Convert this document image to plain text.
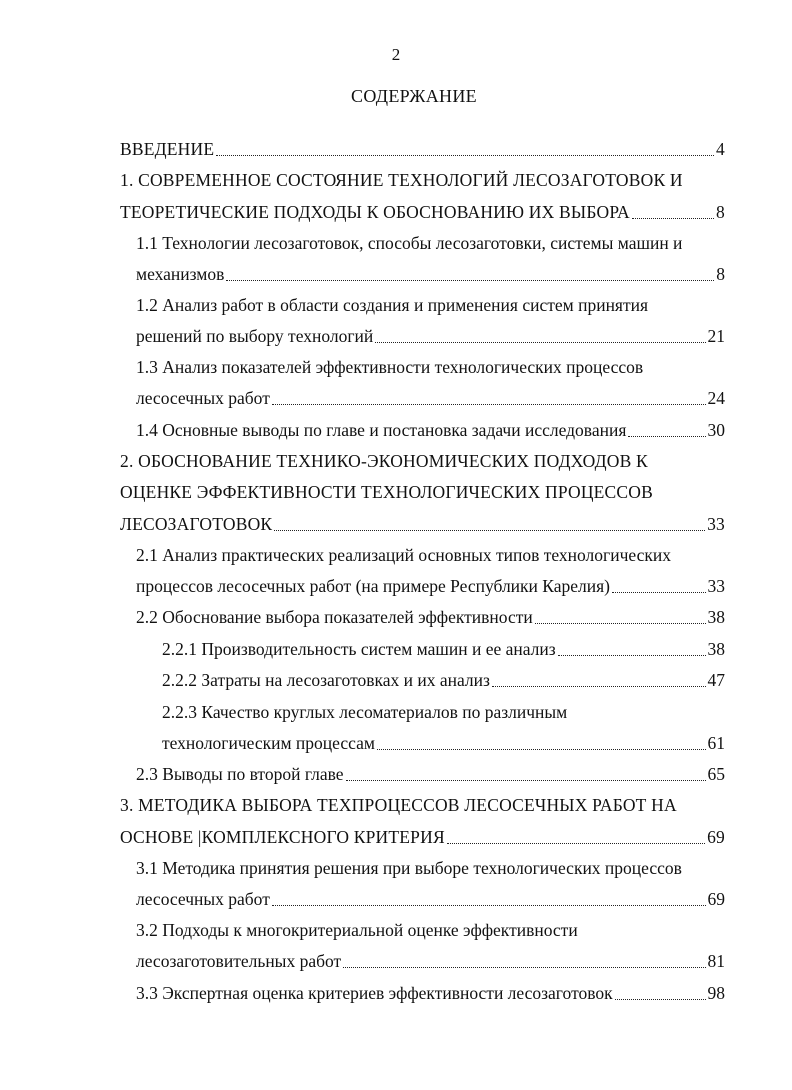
2
СОДЕРЖАНИЕ
ВВЕДЕНИЕ	4
1. СОВРЕМЕННОЕ СОСТОЯНИЕ ТЕХНОЛОГИЙ ЛЕСОЗАГОТОВОК И
ТЕОРЕТИЧЕСКИЕ ПОДХОДЫ К ОБОСНОВАНИЮ ИХ ВЫБОРА	8
1.1 Технологии лесозаготовок, способы лесозаготовки, системы машин и
механизмов	8
1.2 Анализ работ в области создания и применения систем принятия
решений по выбору технологий	21
1.3 Анализ показателей эффективности технологических процессов
лесосечных работ	24
1.4 Основные выводы по главе и постановка задачи исследования	30
2. ОБОСНОВАНИЕ ТЕХНИКО-ЭКОНОМИЧЕСКИХ ПОДХОДОВ К
ОЦЕНКЕ ЭФФЕКТИВНОСТИ ТЕХНОЛОГИЧЕСКИХ ПРОЦЕССОВ
ЛЕСОЗАГОТОВОК	33
2.1 Анализ практических реализаций основных типов технологических
процессов лесосечных работ (на примере Республики Карелия)	33
2.2 Обоснование выбора показателей эффективности	38
2.2.1 Производительность систем машин и ее анализ	38
2.2.2 Затраты на лесозаготовках и их анализ	47
2.2.3 Качество круглых лесоматериалов по различным
технологическим процессам	61
2.3 Выводы по второй главе	65
3. МЕТОДИКА ВЫБОРА ТЕХПРОЦЕССОВ ЛЕСОСЕЧНЫХ РАБОТ НА
ОСНОВЕ |КОМПЛЕКСНОГО КРИТЕРИЯ	69
3.1 Методика принятия решения при выборе технологических процессов
лесосечных работ	69
3.2 Подходы к многокритериальной оценке эффективности
лесозаготовительных работ	81
3.3 Экспертная оценка критериев эффективности лесозаготовок	98
